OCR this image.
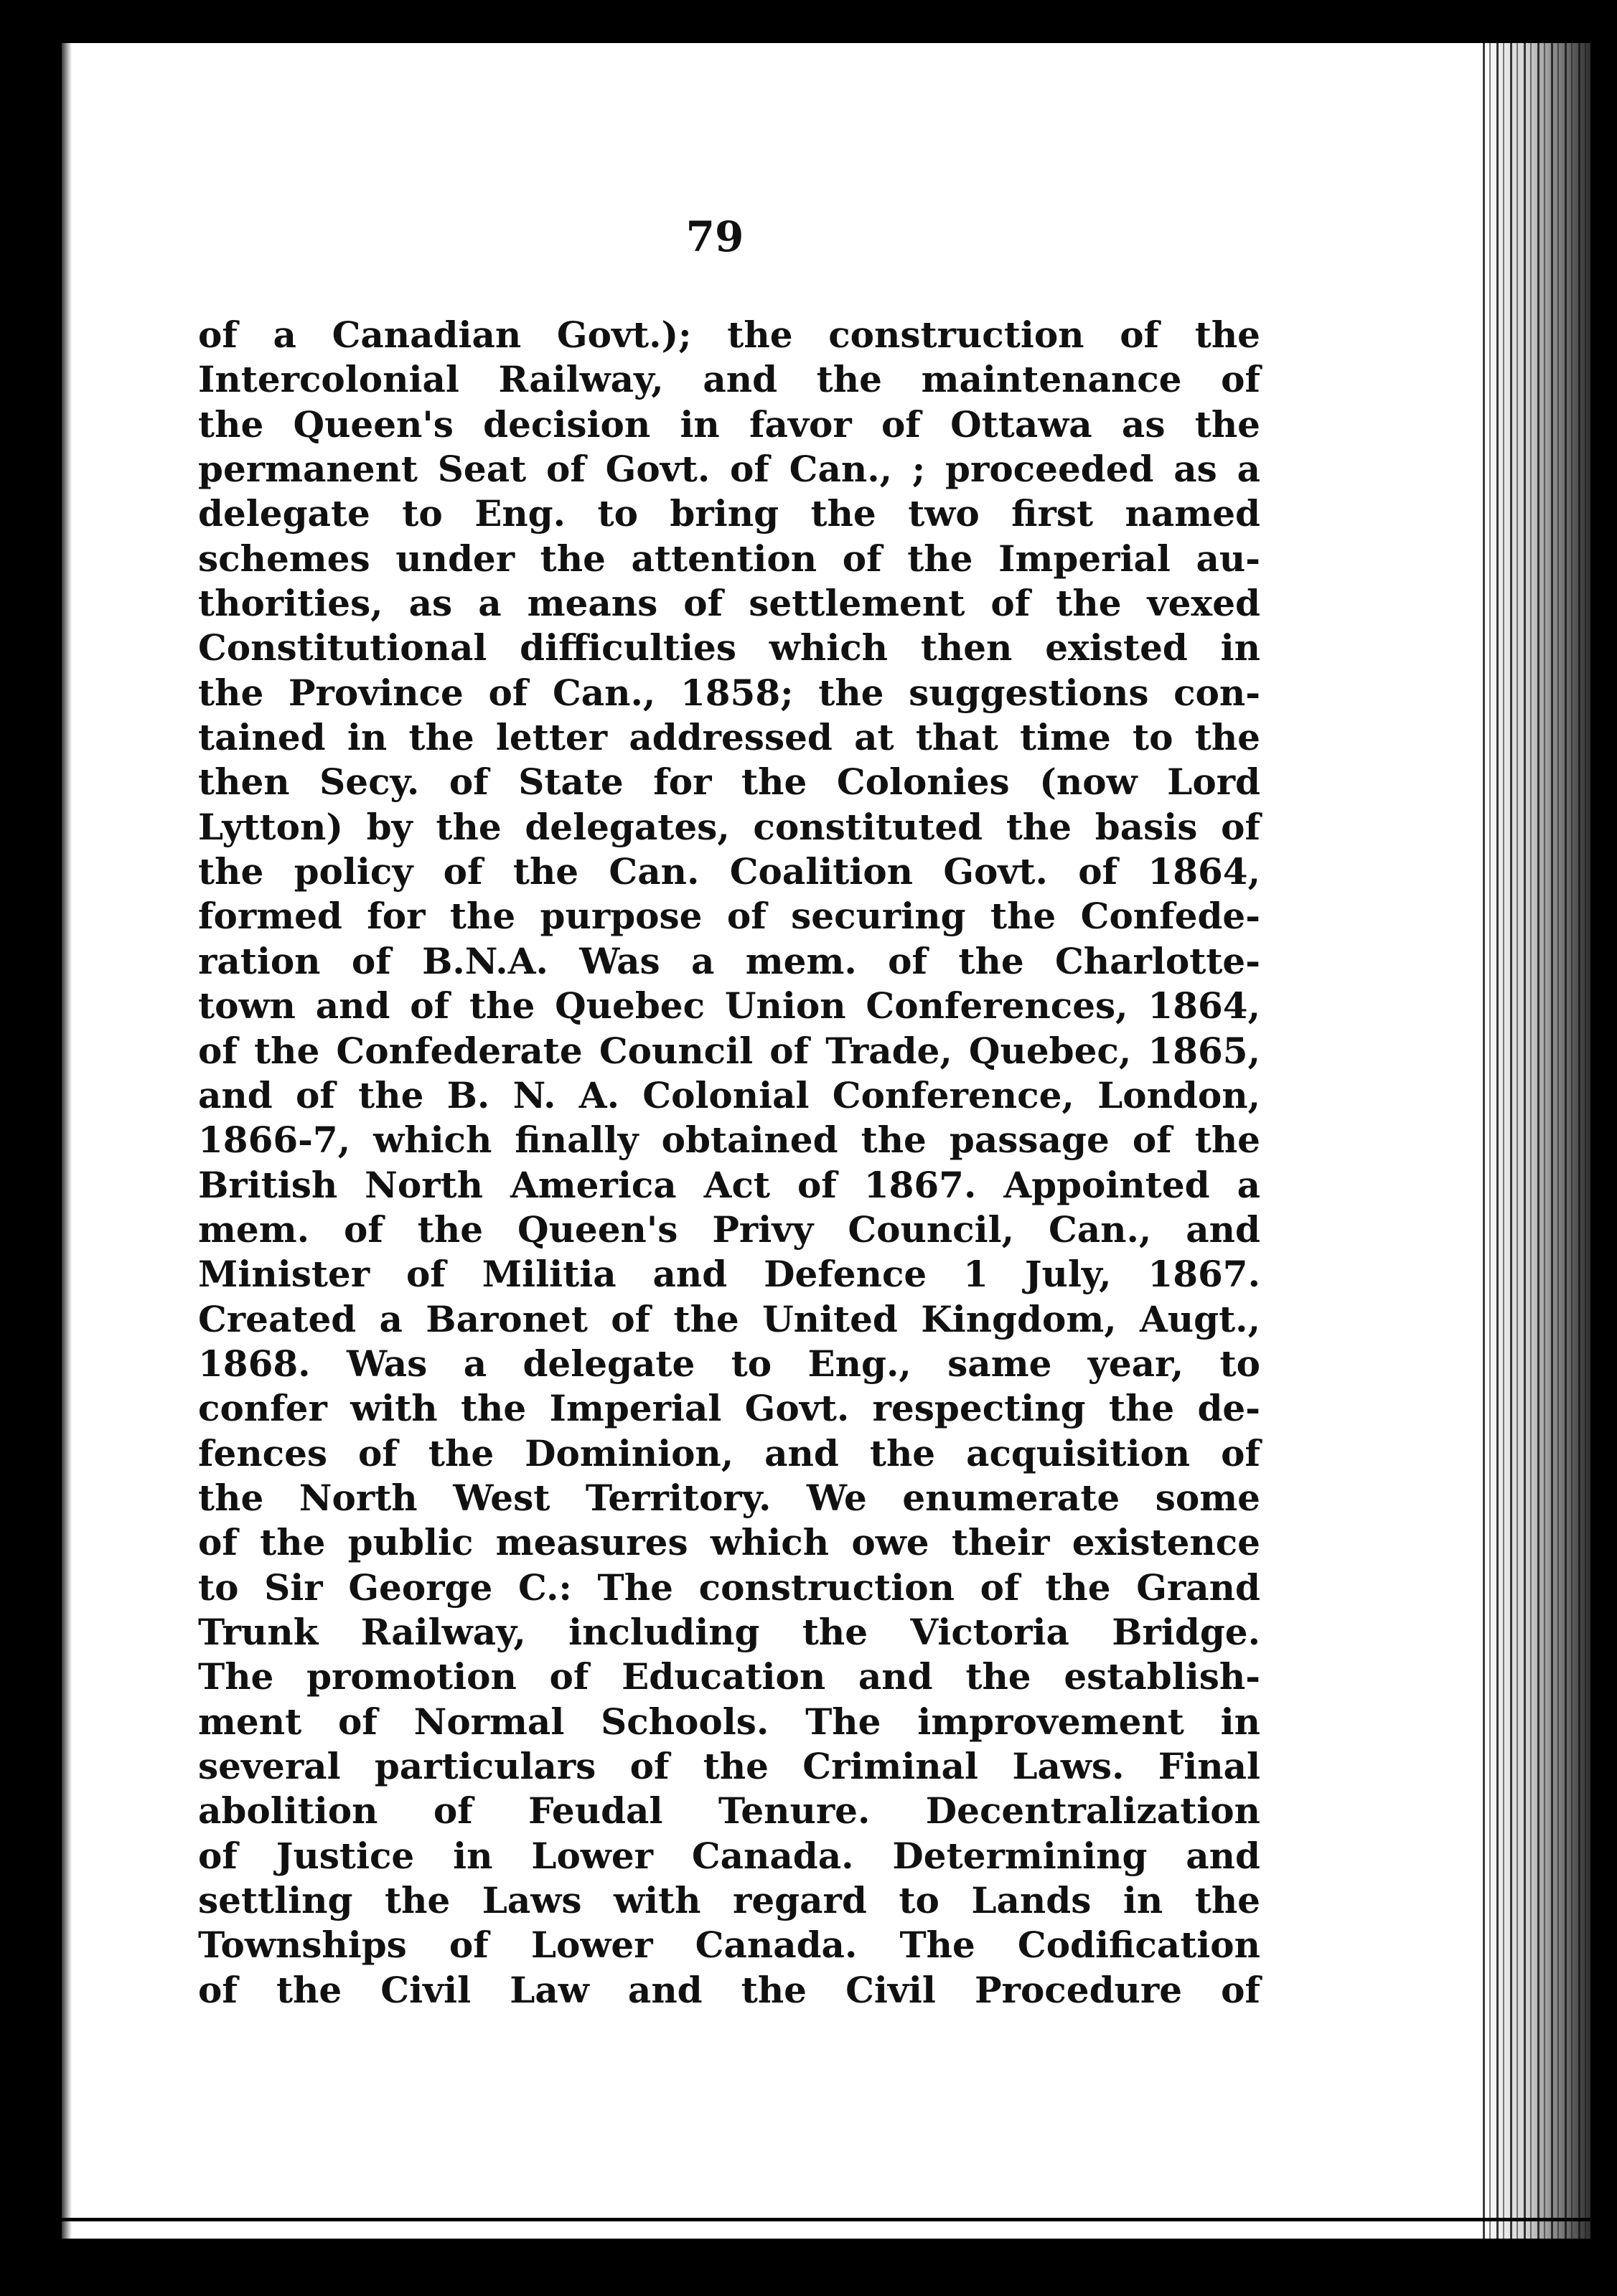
79
of a Canadian Govt.); the construction of the
Intercolonial Railway, and the maintenance of
the Queen's decision in favor of Ottawa as the
permanent Seat of Govt. of Can., ; proceeded as a
delegate to Eng. to bring the two first named
schemes under the attention of the Imperial au-
thorities, as a means of settlement of the vexed
Constitutional difficulties which then existed in
the Province of Can., 1858; the suggestions con-
tained in the letter addressed at that time to the
then Secy. of State for the Colonies (now Lord
Lytton) by the delegates, constituted the basis of
the policy of the Can. Coalition Govt. of 1864,
formed for the purpose of securing the Confede-
ration of B.N.A. Was a mem. of the Charlotte-
town and of the Quebec Union Conferences, 1864,
of the Confederate Council of Trade, Quebec, 1865,
and of the B. N. A. Colonial Conference, London,
1866-7, which finally obtained the passage of the
British North America Act of 1867. Appointed a
mem. of the Queen's Privy Council, Can., and
Minister of Militia and Defence 1 July, 1867.
Created a Baronet of the United Kingdom, Augt.,
1868. Was a delegate to Eng., same year, to
confer with the Imperial Govt. respecting the de-
fences of the Dominion, and the acquisition of
the North West Territory. We enumerate some
of the public measures which owe their existence
to Sir George C.: The construction of the Grand
Trunk Railway, including the Victoria Bridge.
The promotion of Education and the establish-
ment of Normal Schools. The improvement in
several particulars of the Criminal Laws. Final
abolition of Feudal Tenure. Decentralization
of Justice in Lower Canada. Determining and
settling the Laws with regard to Lands in the
Townships of Lower Canada. The Codification
of the Civil Law and the Civil Procedure of
